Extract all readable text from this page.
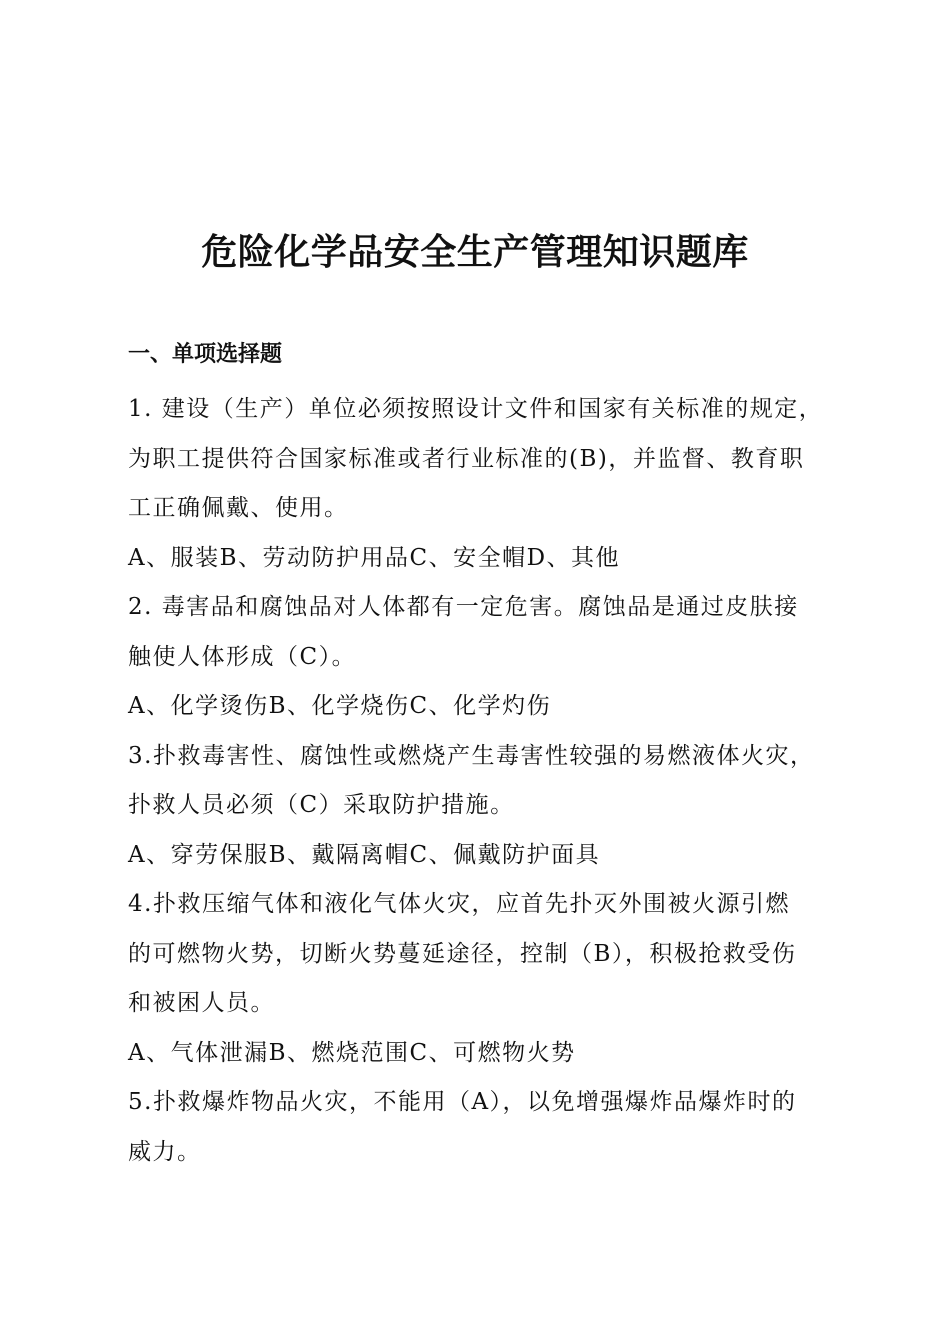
危险化学品安全生产管理知识题库
一、单项选择题
1. 建设（生产）单位必须按照设计文件和国家有关标准的规定，
为职工提供符合国家标准或者行业标准的(B)，并监督、教育职
工正确佩戴、使用。
A、服装B、劳动防护用品C、安全帽D、其他
2. 毒害品和腐蚀品对人体都有一定危害。腐蚀品是通过皮肤接
触使人体形成（C）。
A、化学烫伤B、化学烧伤C、化学灼伤
3.扑救毒害性、腐蚀性或燃烧产生毒害性较强的易燃液体火灾，
扑救人员必须（C）采取防护措施。
A、穿劳保服B、戴隔离帽C、佩戴防护面具
4.扑救压缩气体和液化气体火灾，应首先扑灭外围被火源引燃
的可燃物火势，切断火势蔓延途径，控制（B），积极抢救受伤
和被困人员。
A、气体泄漏B、燃烧范围C、可燃物火势
5.扑救爆炸物品火灾，不能用（A），以免增强爆炸品爆炸时的
威力。
